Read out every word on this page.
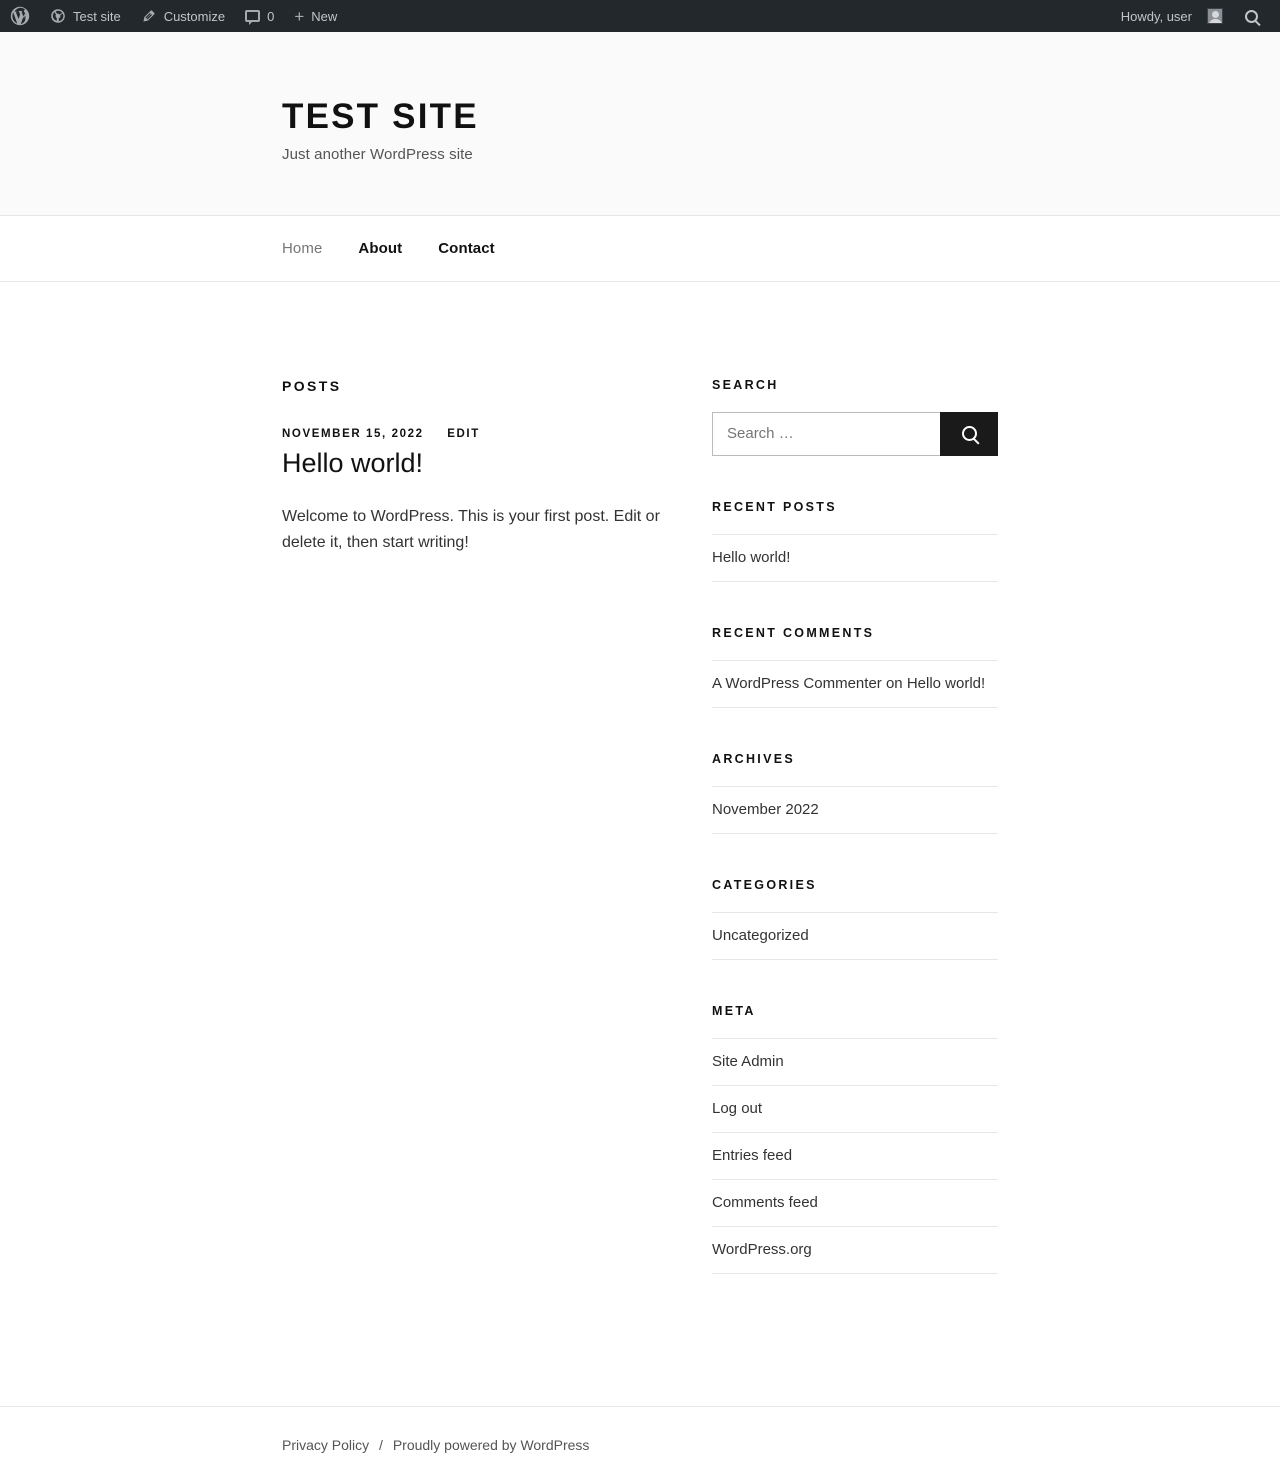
Test site	Customize	0 + New	Howdy, user
TEST SITE

Just another WordPress site

Home	About	Contact
POSTS
NOVEMBER 15, 2022 EDIT
Hello world!

Welcome to WordPress. This is your first post. Edit or delete it, then start writing!

SEARCH
Search …
RECENT POSTS
Hello world!
RECENT COMMENTS
A WordPress Commenter on Hello world!
ARCHIVES
November 2022
CATEGORIES
Uncategorized
META
Site Admin
Log out
Entries feed
Comments feed
WordPress.org
Privacy Policy / Proudly powered by WordPress
